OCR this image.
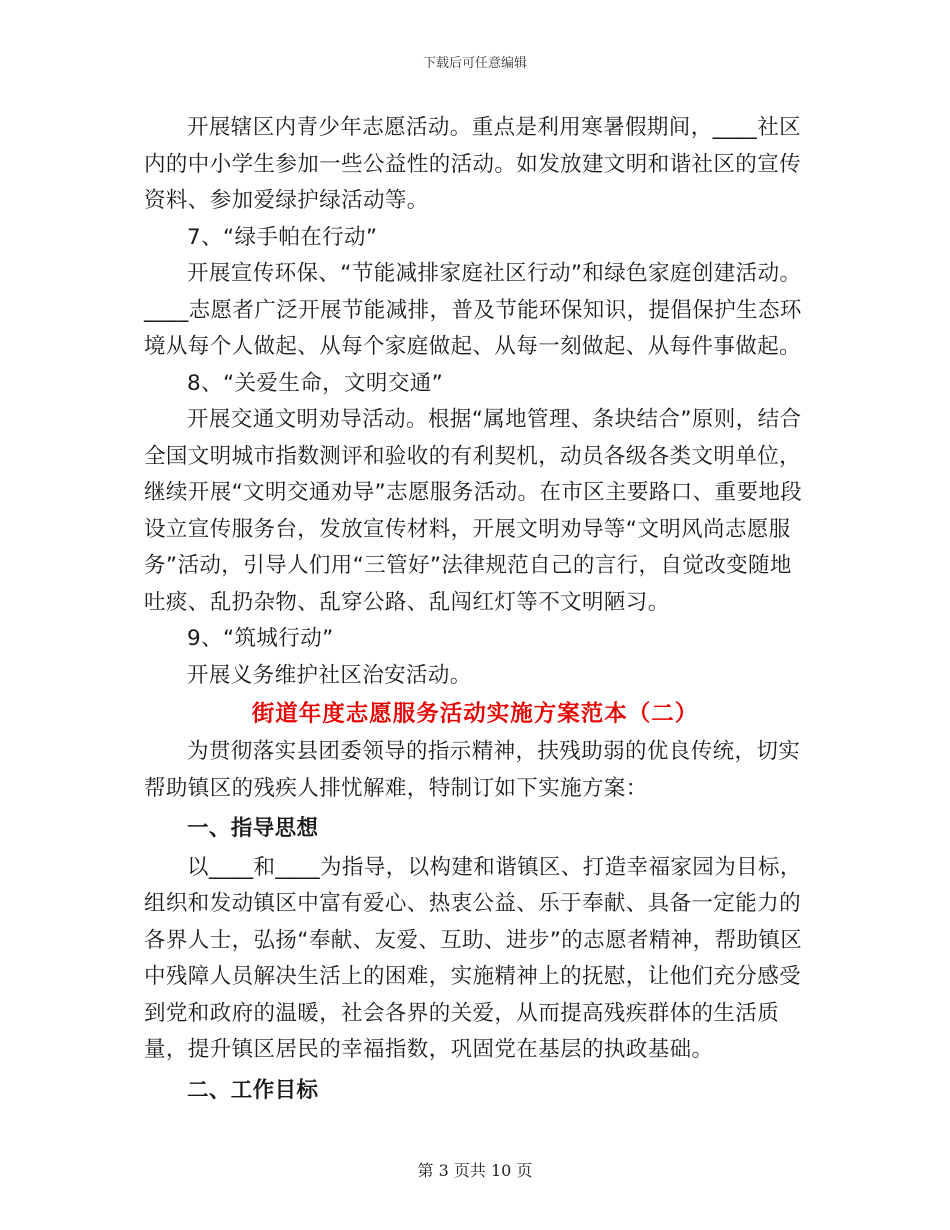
下载后可任意编辑

开展辖区内青少年志愿活动。重点是利用寒暑假期间，____社区内的中小学生参加一些公益性的活动。如发放建文明和谐社区的宣传资料、参加爱绿护绿活动等。

7、“绿手帕在行动”

开展宣传环保、“节能减排家庭社区行动”和绿色家庭创建活动。____志愿者广泛开展节能减排，普及节能环保知识，提倡保护生态环境从每个人做起、从每个家庭做起、从每一刻做起、从每件事做起。

8、“关爱生命，文明交通”

开展交通文明劝导活动。根据“属地管理、条块结合”原则，结合全国文明城市指数测评和验收的有利契机，动员各级各类文明单位，继续开展“文明交通劝导”志愿服务活动。在市区主要路口、重要地段设立宣传服务台，发放宣传材料，开展文明劝导等“文明风尚志愿服务”活动，引导人们用“三管好”法律规范自己的言行，自觉改变随地吐痰、乱扔杂物、乱穿公路、乱闯红灯等不文明陋习。

9、“筑城行动”

开展义务维护社区治安活动。

街道年度志愿服务活动实施方案范本（二）

为贯彻落实县团委领导的指示精神，扶残助弱的优良传统，切实帮助镇区的残疾人排忧解难，特制订如下实施方案：

一、指导思想

以____和____为指导，以构建和谐镇区、打造幸福家园为目标，组织和发动镇区中富有爱心、热衷公益、乐于奉献、具备一定能力的各界人士，弘扬“奉献、友爱、互助、进步”的志愿者精神，帮助镇区中残障人员解决生活上的困难，实施精神上的抚慰，让他们充分感受到党和政府的温暖，社会各界的关爱，从而提高残疾群体的生活质量，提升镇区居民的幸福指数，巩固党在基层的执政基础。

二、工作目标

第 3 页共 10 页
